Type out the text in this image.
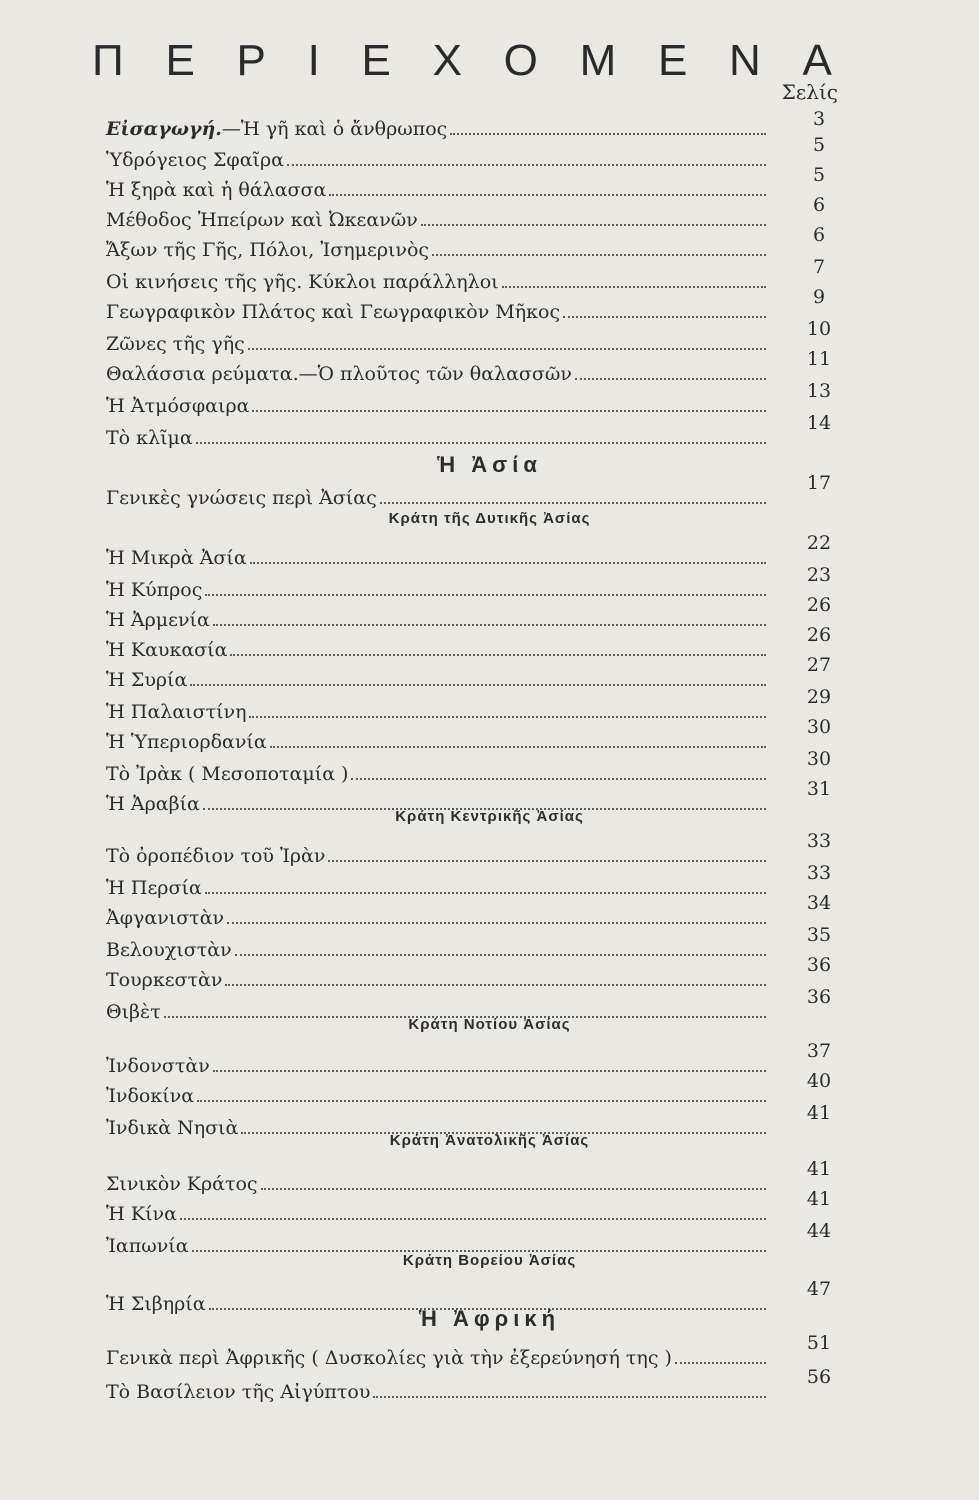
Π Ε Ρ Ι Ε Χ Ο Μ Ε Ν Α
Σελίς
Εἰσαγωγή.—Ἡ γῆ καὶ ὁ ἄνθρωπος	3
Ὑδρόγειος Σφαῖρα
5
Ἡ ξηρὰ καὶ ἡ θάλασσα
5
Μέθοδος Ἠπείρων καὶ Ὠκεανῶν
6
Ἄξων τῆς Γῆς, Πόλοι, Ἰσημερινὸς
6
Οἱ κινήσεις τῆς γῆς. Κύκλοι παράλληλοι
7
Γεωγραφικὸν Πλάτος καὶ Γεωγραφικὸν Μῆκος
9
Ζῶνες τῆς γῆς
10
Θαλάσσια ρεύματα.—Ὁ πλοῦτος τῶν θαλασσῶν
11
Ἡ Ἀτμόσφαιρα
13
Τὸ κλῖμα
14
Ἡ Ἀσία
Γενικὲς γνώσεις περὶ Ἀσίας
17
Κράτη τῆς Δυτικῆς Ἀσίας
Ἡ Μικρὰ Ἀσία
22
Ἡ Κύπρος
23
Ἡ Ἀρμενία
26
Ἡ Καυκασία
26
Ἡ Συρία
27
Ἡ Παλαιστίνη
29
Ἡ Ὑπεριορδανία
30
Τὸ Ἰρὰκ ( Μεσοποταμία )
30
Ἡ Ἀραβία
31
Κράτη Κεντρικῆς Ἀσίας
Τὸ ὀροπέδιον τοῦ Ἰρὰν
33
Ἡ Περσία
33
Ἀφγανιστὰν
34
Βελουχιστὰν
35
Τουρκεστὰν
36
Θιβὲτ
36
Κράτη Νοτίου Ἀσίας
Ἰνδονστὰν
37
Ἰνδοκίνα
40
Ἰνδικὰ Νησιὰ
41
Κράτη Ἀνατολικῆς Ἀσίας
Σινικὸν Κράτος
41
Ἡ Κίνα
41
Ἰαπωνία
44
Κράτη Βορείου Ἀσίας
Ἡ Σιβηρία
47
Ἡ Ἀφρική
Γενικὰ περὶ Ἀφρικῆς ( Δυσκολίες γιὰ τὴν ἐξερεύνησή της )
51
Τὸ Βασίλειον τῆς Αἰγύπτου
56
